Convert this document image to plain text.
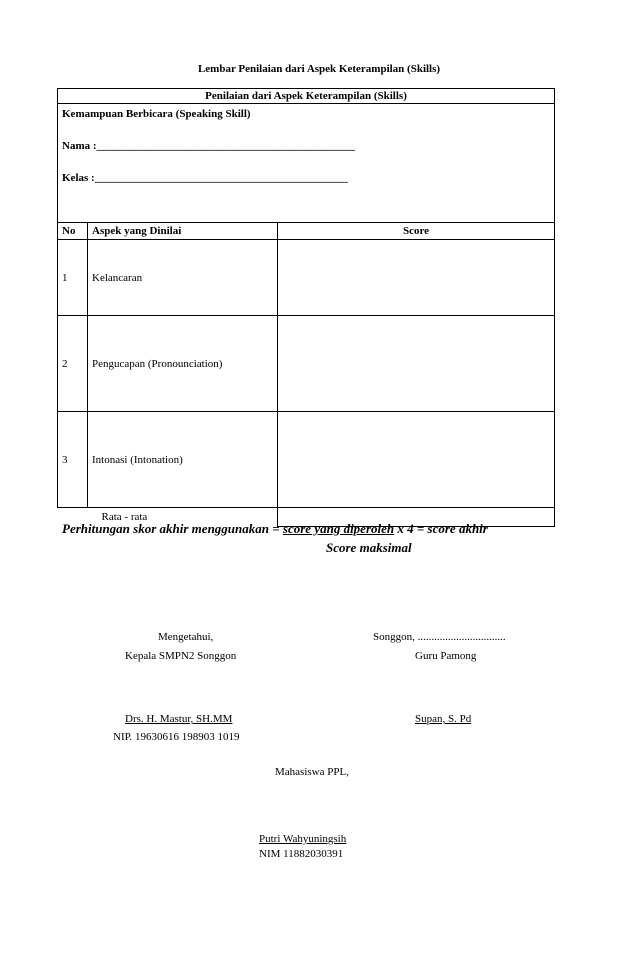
Lembar Penilaian dari Aspek Keterampilan (Skills)
Penilaian dari Aspek Keterampilan (Skills)		

Kemampuan Berbicara (Speaking Skill)
Nama :_______________________________________________
Kelas :______________________________________________		

No	Aspek yang Dinilai	Score
1	Kelancaran	
2	Pengucapan (Pronounciation)	
3	Intonasi (Intonation)	
Rata - rata		
Perhitungan skor akhir menggunakan = score yang diperoleh x 4 = score akhir
Score maksimal
Mengetahui,
Kepala SMPN2 Songgon
Drs. H. Mastur, SH.MM
NIP. 19630616 198903 1019
Songgon, ................................
Guru Pamong
Supan, S. Pd
Mahasiswa PPL,
Putri Wahyuningsih
NIM 11882030391
